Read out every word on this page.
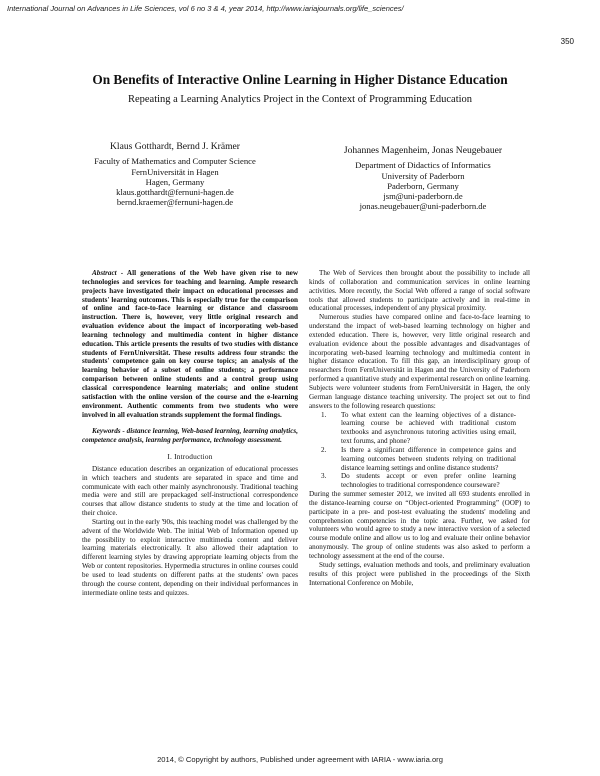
International Journal on Advances in Life Sciences, vol 6 no 3 & 4, year 2014, http://www.iariajournals.org/life_sciences/
350
On Benefits of Interactive Online Learning in Higher Distance Education
Repeating a Learning Analytics Project in the Context of Programming Education
Klaus Gotthardt, Bernd J. Krämer
Faculty of Mathematics and Computer Science
FernUniversität in Hagen
Hagen, Germany
klaus.gotthardt@fernuni-hagen.de
bernd.kraemer@fernuni-hagen.de
Johannes Magenheim, Jonas Neugebauer
Department of Didactics of Informatics
University of Paderborn
Paderborn, Germany
jsm@uni-paderborn.de
jonas.neugebauer@uni-paderborn.de

Abstract - All generations of the Web have given rise to new technologies and services for teaching and learning. Ample research projects have investigated their impact on educational processes and students' learning outcomes. This is especially true for the comparison of online and face-to-face learning or distance and classroom instruction. There is, however, very little original research and evaluation evidence about the impact of incorporating web-based learning technology and multimedia content in higher distance education. This article presents the results of two studies with distance students of FernUniversität. These results address four strands: the students' competence gain on key course topics; an analysis of the learning behavior of a subset of online students; a performance comparison between online students and a control group using classical correspondence learning materials; and online student satisfaction with the online version of the course and the e-learning environment. Authentic comments from two students who were involved in all evaluation strands supplement the formal findings.

Keywords - distance learning, Web-based learning, learning analytics, competence analysis, learning performance, technology assessment.

I. Introduction

Distance education describes an organization of educational processes in which teachers and students are separated in space and time and communicate with each other mainly asynchronously. Traditional teaching media were and still are prepackaged self-instructional correspondence courses that allow distance students to study at the time and location of their choice.

Starting out in the early '90s, this teaching model was challenged by the advent of the Worldwide Web. The initial Web of Information opened up the possibility to exploit interactive multimedia content and deliver learning materials electronically. It also allowed their adaptation to different learning styles by drawing appropriate learning objects from the Web or content repositories. Hypermedia structures in online courses could be used to lead students on different paths at the students' own paces through the course content, depending on their individual performances in intermediate online tests and quizzes.

The Web of Services then brought about the possibility to include all kinds of collaboration and communication services in online learning activities. More recently, the Social Web offered a range of social software tools that allowed students to participate actively and in real-time in educational processes, independent of any physical proximity.

Numerous studies have compared online and face-to-face learning to understand the impact of web-based learning technology on higher and extended education. There is, however, very little original research and evaluation evidence about the possible advantages and disadvantages of incorporating web-based learning technology and multimedia content in higher distance education. To fill this gap, an interdisciplinary group of researchers from FernUniversität in Hagen and the University of Paderborn performed a quantitative study and experimental research on online learning. Subjects were volunteer students from FernUniversität in Hagen, the only German language distance teaching university. The project set out to find answers to the following research questions:

1. To what extent can the learning objectives of a distance-learning course be achieved with traditional custom textbooks and asynchronous tutoring activities using email, text forums, and phone?
2. Is there a significant difference in competence gains and learning outcomes between students relying on traditional distance learning settings and online distance students?
3. Do students accept or even prefer online learning technologies to traditional correspondence courseware?

During the summer semester 2012, we invited all 693 students enrolled in the distance-learning course on “Object-oriented Programming” (OOP) to participate in a pre- and post-test evaluating the students' modeling and comprehension competencies in the topic area. Further, we asked for volunteers who would agree to study a new interactive version of a selected course module online and allow us to log and evaluate their online behavior anonymously. The group of online students was also asked to perform a technology assessment at the end of the course.

Study settings, evaluation methods and tools, and preliminary evaluation results of this project were published in the proceedings of the Sixth International Conference on Mobile,

2014, © Copyright by authors, Published under agreement with IARIA - www.iaria.org
